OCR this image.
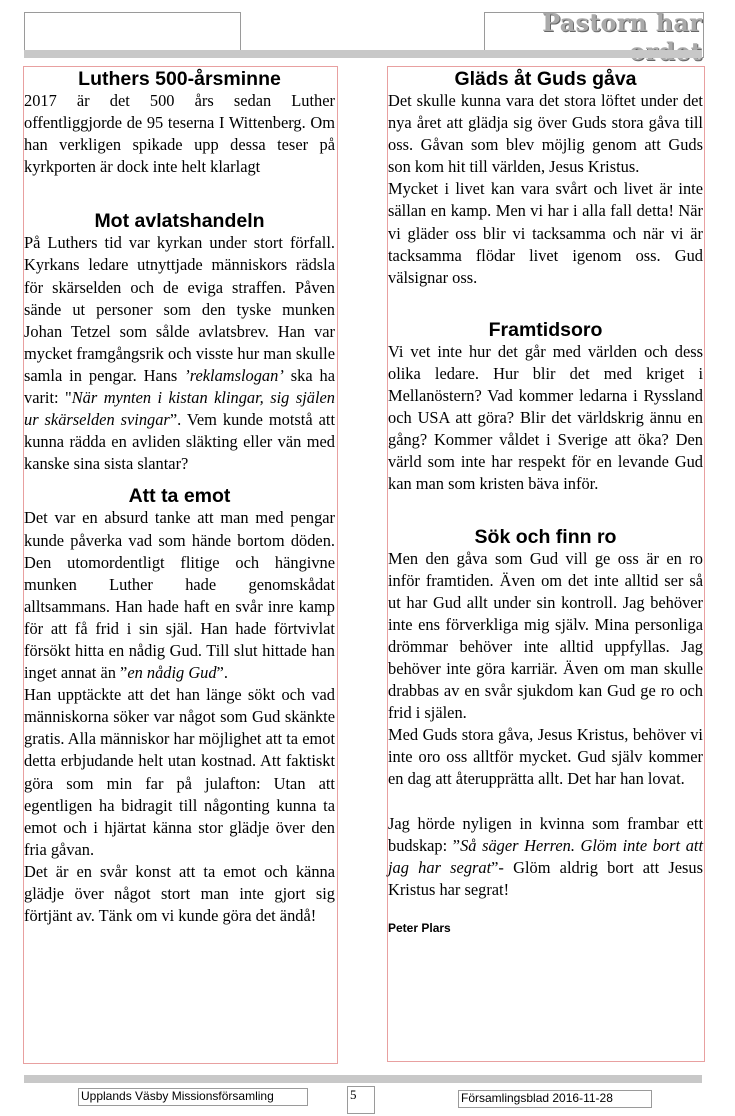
Pastorn har
Luthers 500-årsminne

2017 är det 500 års sedan Luther offentliggjorde de 95 teserna I Wittenberg. Om han verkligen spikade upp dessa teser på kyrkporten är dock inte helt klarlagt

Mot avlatshandeln

På Luthers tid var kyrkan under stort förfall. Kyrkans ledare utnyttjade människors rädsla för skärselden och de eviga straffen. Påven sände ut personer som den tyske munken Johan Tetzel som sålde avlatsbrev. Han var mycket framgångsrik och visste hur man skulle samla in pengar. Hans ’reklamslogan’ ska ha varit: "När mynten i kistan klingar, sig själen ur skärselden svingar”. Vem kunde motstå att kunna rädda en avliden släkting eller vän med kanske sina sista slantar?

Att ta emot

Det var en absurd tanke att man med pengar kunde påverka vad som hände bortom döden. Den utomordentligt flitige och hängivne munken Luther hade genomskådat alltsammans. Han hade haft en svår inre kamp för att få frid i sin själ. Han hade förtvivlat försökt hitta en nådig Gud. Till slut hittade han inget annat än ”en nådig Gud”.

Han upptäckte att det han länge sökt och vad människorna söker var något som Gud skänkte gratis. Alla människor har möjlighet att ta emot detta erbjudande helt utan kostnad. Att faktiskt göra som min far på julafton: Utan att egentligen ha bidragit till någonting kunna ta emot och i hjärtat känna stor glädje över den fria gåvan.

Det är en svår konst att ta emot och känna glädje över något stort man inte gjort sig förtjänt av. Tänk om vi kunde göra det ändå!

Gläds åt Guds gåva

Det skulle kunna vara det stora löftet under det nya året att glädja sig över Guds stora gåva till oss. Gåvan som blev möjlig genom att Guds son kom hit till världen, Jesus Kristus.

Mycket i livet kan vara svårt och livet är inte sällan en kamp. Men vi har i alla fall detta! När vi gläder oss blir vi tacksamma och när vi är tacksamma flödar livet igenom oss. Gud välsignar oss.

Framtidsoro

Vi vet inte hur det går med världen och dess olika ledare. Hur blir det med kriget i Mellanöstern? Vad kommer ledarna i Ryssland och USA att göra? Blir det världskrig ännu en gång? Kommer våldet i Sverige att öka? Den värld som inte har respekt för en levande Gud kan man som kristen bäva inför.

Sök och finn ro

Men den gåva som Gud vill ge oss är en ro inför framtiden. Även om det inte alltid ser så ut har Gud allt under sin kontroll. Jag behöver inte ens förverkliga mig själv. Mina personliga drömmar behöver inte alltid uppfyllas. Jag behöver inte göra karriär. Även om man skulle drabbas av en svår sjukdom kan Gud ge ro och frid i själen.

Med Guds stora gåva, Jesus Kristus, behöver vi inte oro oss alltför mycket. Gud själv kommer en dag att återupprätta allt. Det har han lovat.

Jag hörde nyligen in kvinna som frambar ett budskap: ”Så säger Herren. Glöm inte bort att jag har segrat”- Glöm aldrig bort att Jesus Kristus har segrat!

Peter Plars
Upplands Väsby Missionsförsamling	5	Församlingsblad 2016-11-28
